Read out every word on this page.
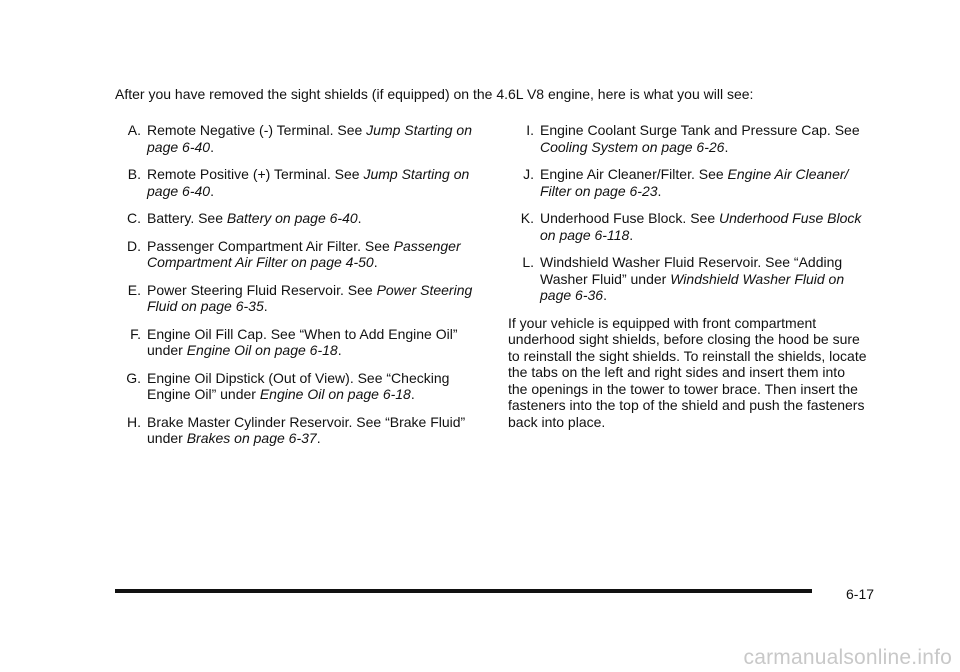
After you have removed the sight shields (if equipped) on the 4.6L V8 engine, here is what you will see:

A. Remote Negative (-) Terminal. See Jump Starting on page 6-40.
B. Remote Positive (+) Terminal. See Jump Starting on page 6-40.
C. Battery. See Battery on page 6-40.
D. Passenger Compartment Air Filter. See Passenger Compartment Air Filter on page 4-50.
E. Power Steering Fluid Reservoir. See Power Steering Fluid on page 6-35.
F. Engine Oil Fill Cap. See “When to Add Engine Oil” under Engine Oil on page 6-18.
G. Engine Oil Dipstick (Out of View). See “Checking Engine Oil” under Engine Oil on page 6-18.
H. Brake Master Cylinder Reservoir. See “Brake Fluid” under Brakes on page 6-37.
I. Engine Coolant Surge Tank and Pressure Cap. See Cooling System on page 6-26.
J. Engine Air Cleaner/Filter. See Engine Air Cleaner/ Filter on page 6-23.
K. Underhood Fuse Block. See Underhood Fuse Block on page 6-118.
L. Windshield Washer Fluid Reservoir. See “Adding Washer Fluid” under Windshield Washer Fluid on page 6-36.

If your vehicle is equipped with front compartment underhood sight shields, before closing the hood be sure to reinstall the sight shields. To reinstall the shields, locate the tabs on the left and right sides and insert them into the openings in the tower to tower brace. Then insert the fasteners into the top of the shield and push the fasteners back into place.

6-17
carmanualsonline.info
